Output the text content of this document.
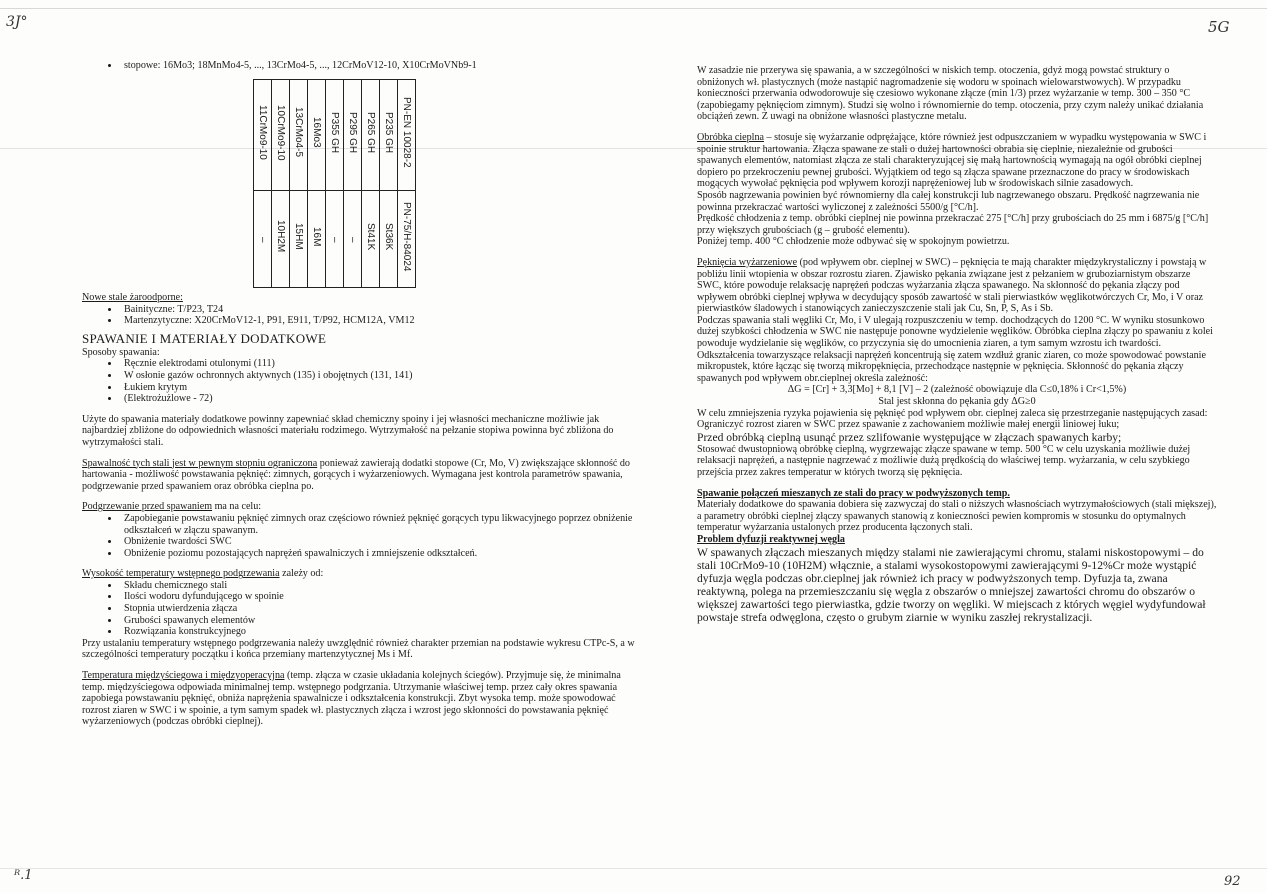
3J°	5G
ᴿ.1	92
• stopowe: 16Mo3; 18MnMo4-5, ..., 13CrMo4-5, ..., 12CrMoV12-10, X10CrMoVNb9-1
11CrMo9-10	10CrMo9-10	13CrMo4-5	16Mo3	P355 GH	P295 GH	P265 GH	P235 GH	PN-EN 10028-2
–	10H2M	15HM	16M	–	–	St41K	St36K	PN-75/H-84024

Nowe stale żaroodporne:

• Bainityczne: T/P23, T24
• Martenzytyczne: X20CrMoV12-1, P91, E911, T/P92, HCM12A, VM12

SPAWANIE I MATERIAŁY DODATKOWE

Sposoby spawania:

• Ręcznie elektrodami otulonymi (111)
• W osłonie gazów ochronnych aktywnych (135) i obojętnych (131, 141)
• Łukiem krytym
• (Elektrożużlowe - 72)

Użyte do spawania materiały dodatkowe powinny zapewniać skład chemiczny spoiny i jej własności mechaniczne możliwie jak najbardziej zbliżone do odpowiednich własności materiału rodzimego. Wytrzymałość na pełzanie stopiwa powinna być zbliżona do wytrzymałości stali.

Spawalność tych stali jest w pewnym stopniu ograniczona ponieważ zawierają dodatki stopowe (Cr, Mo, V) zwiększające skłonność do hartowania - możliwość powstawania pęknięć: zimnych, gorących i wyżarzeniowych. Wymagana jest kontrola parametrów spawania, podgrzewanie przed spawaniem oraz obróbka cieplna po.

Podgrzewanie przed spawaniem ma na celu:

• Zapobieganie powstawaniu pęknięć zimnych oraz częściowo również pęknięć gorących typu likwacyjnego poprzez obniżenie odkształceń w złączu spawanym.
• Obniżenie twardości SWC
• Obniżenie poziomu pozostających naprężeń spawalniczych i zmniejszenie odkształceń.

Wysokość temperatury wstępnego podgrzewania zależy od:

• Składu chemicznego stali
• Ilości wodoru dyfundującego w spoinie
• Stopnia utwierdzenia złącza
• Grubości spawanych elementów
• Rozwiązania konstrukcyjnego

Przy ustalaniu temperatury wstępnego podgrzewania należy uwzględnić również charakter przemian na podstawie wykresu CTPc-S, a w szczególności temperatury początku i końca przemiany martenzytycznej Ms i Mf.

Temperatura międzyściegowa i międzyoperacyjna (temp. złącza w czasie układania kolejnych ściegów). Przyjmuje się, że minimalna temp. międzyściegowa odpowiada minimalnej temp. wstępnego podgrzania. Utrzymanie właściwej temp. przez cały okres spawania zapobiega powstawaniu pęknięć, obniża naprężenia spawalnicze i odkształcenia konstrukcji. Zbyt wysoka temp. może spowodować rozrost ziaren w SWC i w spoinie, a tym samym spadek wł. plastycznych złącza i wzrost jego skłonności do powstawania pęknięć wyżarzeniowych (podczas obróbki cieplnej).

W zasadzie nie przerywa się spawania, a w szczególności w niskich temp. otoczenia, gdyż mogą powstać struktury o obniżonych wł. plastycznych (może nastąpić nagromadzenie się wodoru w spoinach wielowarstwowych). W przypadku konieczności przerwania odwodorowuje się czesiowo wykonane złącze (min 1/3) przez wyżarzanie w temp. 300 – 350 °C (zapobiegamy pęknięciom zimnym). Studzi się wolno i równomiernie do temp. otoczenia, przy czym należy unikać działania obciążeń zewn. Z uwagi na obniżone własności plastyczne metalu.

Obróbka cieplna – stosuje się wyżarzanie odprężające, które również jest odpuszczaniem w wypadku występowania w SWC i spoinie struktur hartowania. Złącza spawane ze stali o dużej hartowności obrabia się cieplnie, niezależnie od grubości spawanych elementów, natomiast złącza ze stali charakteryzującej się małą hartownością wymagają na ogół obróbki cieplnej dopiero po przekroczeniu pewnej grubości. Wyjątkiem od tego są złącza spawane przeznaczone do pracy w środowiskach mogących wywołać pęknięcia pod wpływem korozji naprężeniowej lub w środowiskach silnie zasadowych.

Sposób nagrzewania powinien być równomierny dla całej konstrukcji lub nagrzewanego obszaru. Prędkość nagrzewania nie powinna przekraczać wartości wyliczonej z zależności 5500/g [°C/h].

Prędkość chłodzenia z temp. obróbki cieplnej nie powinna przekraczać 275 [°C/h] przy grubościach do 25 mm i 6875/g [°C/h] przy większych grubościach (g – grubość elementu).

Poniżej temp. 400 °C chłodzenie może odbywać się w spokojnym powietrzu.

Pęknięcia wyżarzeniowe (pod wpływem obr. cieplnej w SWC) – pęknięcia te mają charakter międzykrystaliczny i powstają w pobliżu linii wtopienia w obszar rozrostu ziaren. Zjawisko pękania związane jest z pełzaniem w gruboziarnistym obszarze SWC, które powoduje relaksację naprężeń podczas wyżarzania złącza spawanego. Na skłonność do pękania złączy pod wpływem obróbki cieplnej wpływa w decydujący sposób zawartość w stali pierwiastków węglikotwórczych Cr, Mo, i V oraz pierwiastków śladowych i stanowiących zanieczyszczenie stali jak Cu, Sn, P, S, As i Sb.

Podczas spawania stali węgliki Cr, Mo, i V ulegają rozpuszczeniu w temp. dochodzących do 1200 °C. W wyniku stosunkowo dużej szybkości chłodzenia w SWC nie następuje ponowne wydzielenie węglików. Obróbka cieplna złączy po spawaniu z kolei powoduje wydzielanie się węglików, co przyczynia się do umocnienia ziaren, a tym samym wzrostu ich twardości. Odkształcenia towarzyszące relaksacji naprężeń koncentrują się zatem wzdłuż granic ziaren, co może spowodować powstanie mikropustek, które łącząc się tworzą mikropęknięcia, przechodzące następnie w pęknięcia. Skłonność do pękania złączy spawanych pod wpływem obr.cieplnej określa zależność:

ΔG = [Cr] + 3,3[Mo] + 8,1 [V] – 2 (zależność obowiązuje dla C≤0,18% i Cr<1,5%)

Stal jest skłonna do pękania gdy ΔG≥0

W celu zmniejszenia ryzyka pojawienia się pęknięć pod wpływem obr. cieplnej zaleca się przestrzeganie następujących zasad:

Ograniczyć rozrost ziaren w SWC przez spawanie z zachowaniem możliwie małej energii liniowej łuku;

Przed obróbką cieplną usunąć przez szlifowanie występujące w złączach spawanych karby;

Stosować dwustopniową obróbkę cieplną, wygrzewając złącze spawane w temp. 500 °C w celu uzyskania możliwie dużej relaksacji naprężeń, a następnie nagrzewać z możliwie dużą prędkością do właściwej temp. wyżarzania, w celu szybkiego przejścia przez zakres temperatur w których tworzą się pęknięcia.

Spawanie połączeń mieszanych ze stali do pracy w podwyższonych temp.

Materiały dodatkowe do spawania dobiera się zazwyczaj do stali o niższych własnościach wytrzymałościowych (stali miększej), a parametry obróbki cieplnej złączy spawanych stanowią z konieczności pewien kompromis w stosunku do optymalnych temperatur wyżarzania ustalonych przez producenta łączonych stali.

Problem dyfuzji reaktywnej węgla

W spawanych złączach mieszanych między stalami nie zawierającymi chromu, stalami niskostopowymi – do stali 10CrMo9-10 (10H2M) włącznie, a stalami wysokostopowymi zawierającymi 9-12%Cr może wystąpić dyfuzja węgla podczas obr.cieplnej jak również ich pracy w podwyższonych temp. Dyfuzja ta, zwana reaktywną, polega na przemieszczaniu się węgla z obszarów o mniejszej zawartości chromu do obszarów o większej zawartości tego pierwiastka, gdzie tworzy on węgliki. W miejscach z których węgiel wydyfundował powstaje strefa odwęglona, często o grubym ziarnie w wyniku zaszłej rekrystalizacji.
